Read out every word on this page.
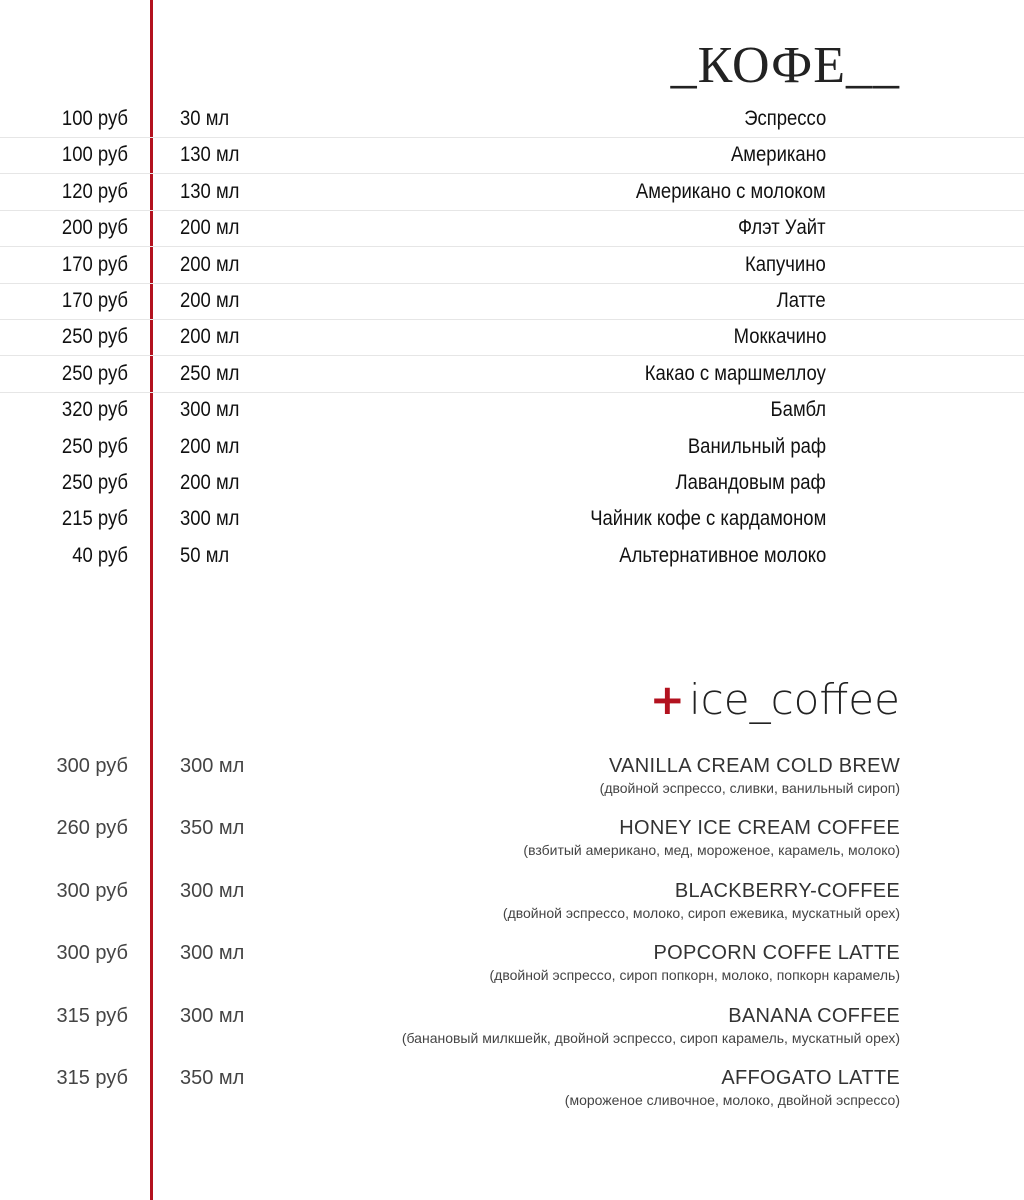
_КОФЕ__
100 руб 30 мл	Эспрессо
100 руб 130 мл	Американо
120 руб 130 мл	Американо с молоком
200 руб 200 мл	Флэт Уайт
170 руб 200 мл	Капучино
170 руб 200 мл	Латте
250 руб 200 мл	Моккачино
250 руб 250 мл	Какао с маршмеллоу
320 руб 300 мл	Бамбл
250 руб 200 мл	Ванильный раф
250 руб 200 мл	Лавандовым раф
215 руб 300 мл	Чайник кофе с кардамоном
40 руб 50 мл	Альтернативное молоко
+ice_coffee
300 руб	300 мл	VANILLA CREAM COLD BREW
(двойной эспрессо, сливки, ванильный сироп)
260 руб	350 мл	HONEY ICE CREAM COFFEE
(взбитый американо, мед, мороженое, карамель, молоко)
300 руб	300 мл	BLACKBERRY-COFFEE
(двойной эспрессо, молоко, сироп ежевика, мускатный орех)
300 руб	300 мл	POPCORN COFFE LATTE
(двойной эспрессо, сироп попкорн, молоко, попкорн карамель)
315 руб	300 мл	BANANA COFFEE
(банановый милкшейк, двойной эспрессо, сироп карамель, мускатный орех)
315 руб	350 мл	AFFOGATO LATTE
(мороженое сливочное, молоко, двойной эспрессо)
